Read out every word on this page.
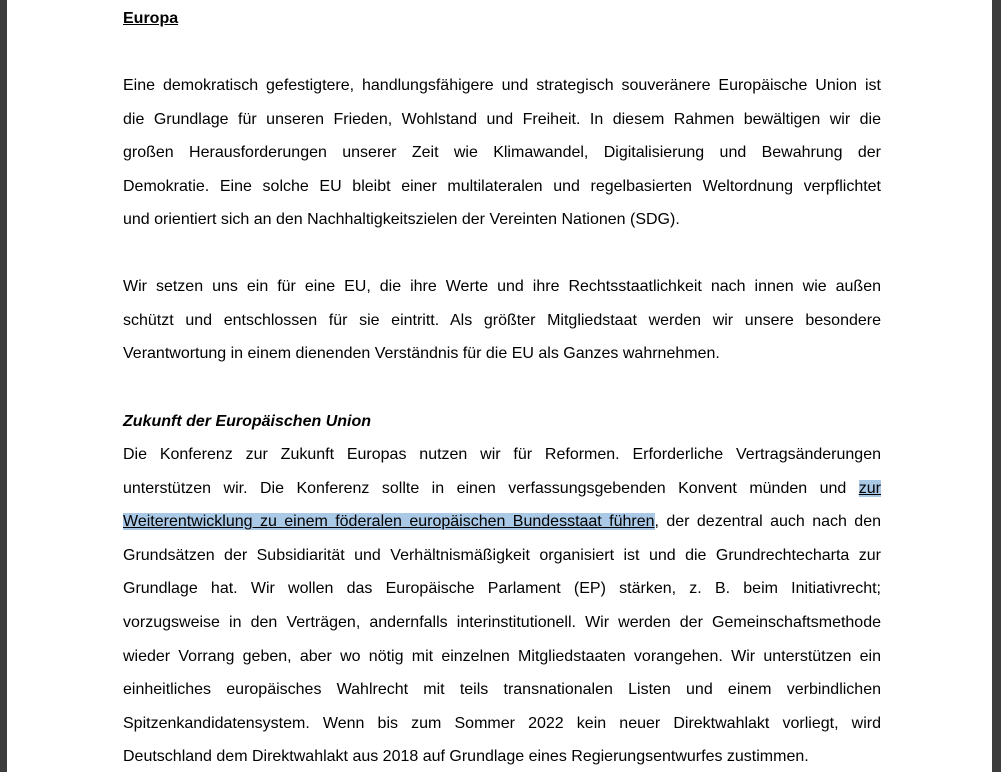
Europa
Eine demokratisch gefestigtere, handlungsfähigere und strategisch souveränere Europäische Union ist
die Grundlage für unseren Frieden, Wohlstand und Freiheit. In diesem Rahmen bewältigen wir die
großen Herausforderungen unserer Zeit wie Klimawandel, Digitalisierung und Bewahrung der
Demokratie. Eine solche EU bleibt einer multilateralen und regelbasierten Weltordnung verpflichtet
und orientiert sich an den Nachhaltigkeitszielen der Vereinten Nationen (SDG).
Wir setzen uns ein für eine EU, die ihre Werte und ihre Rechtsstaatlichkeit nach innen wie außen
schützt und entschlossen für sie eintritt. Als größter Mitgliedstaat werden wir unsere besondere
Verantwortung in einem dienenden Verständnis für die EU als Ganzes wahrnehmen.
Zukunft der Europäischen Union
Die Konferenz zur Zukunft Europas nutzen wir für Reformen. Erforderliche Vertragsänderungen
unterstützen wir. Die Konferenz sollte in einen verfassungsgebenden Konvent münden und zur
Weiterentwicklung zu einem föderalen europäischen Bundesstaat führen, der dezentral auch nach den
Grundsätzen der Subsidiarität und Verhältnismäßigkeit organisiert ist und die Grundrechtecharta zur
Grundlage hat. Wir wollen das Europäische Parlament (EP) stärken, z. B. beim Initiativrecht;
vorzugsweise in den Verträgen, andernfalls interinstitutionell. Wir werden der Gemeinschaftsmethode
wieder Vorrang geben, aber wo nötig mit einzelnen Mitgliedstaaten vorangehen. Wir unterstützen ein
einheitliches europäisches Wahlrecht mit teils transnationalen Listen und einem verbindlichen
Spitzenkandidatensystem. Wenn bis zum Sommer 2022 kein neuer Direktwahlakt vorliegt, wird
Deutschland dem Direktwahlakt aus 2018 auf Grundlage eines Regierungsentwurfes zustimmen.
